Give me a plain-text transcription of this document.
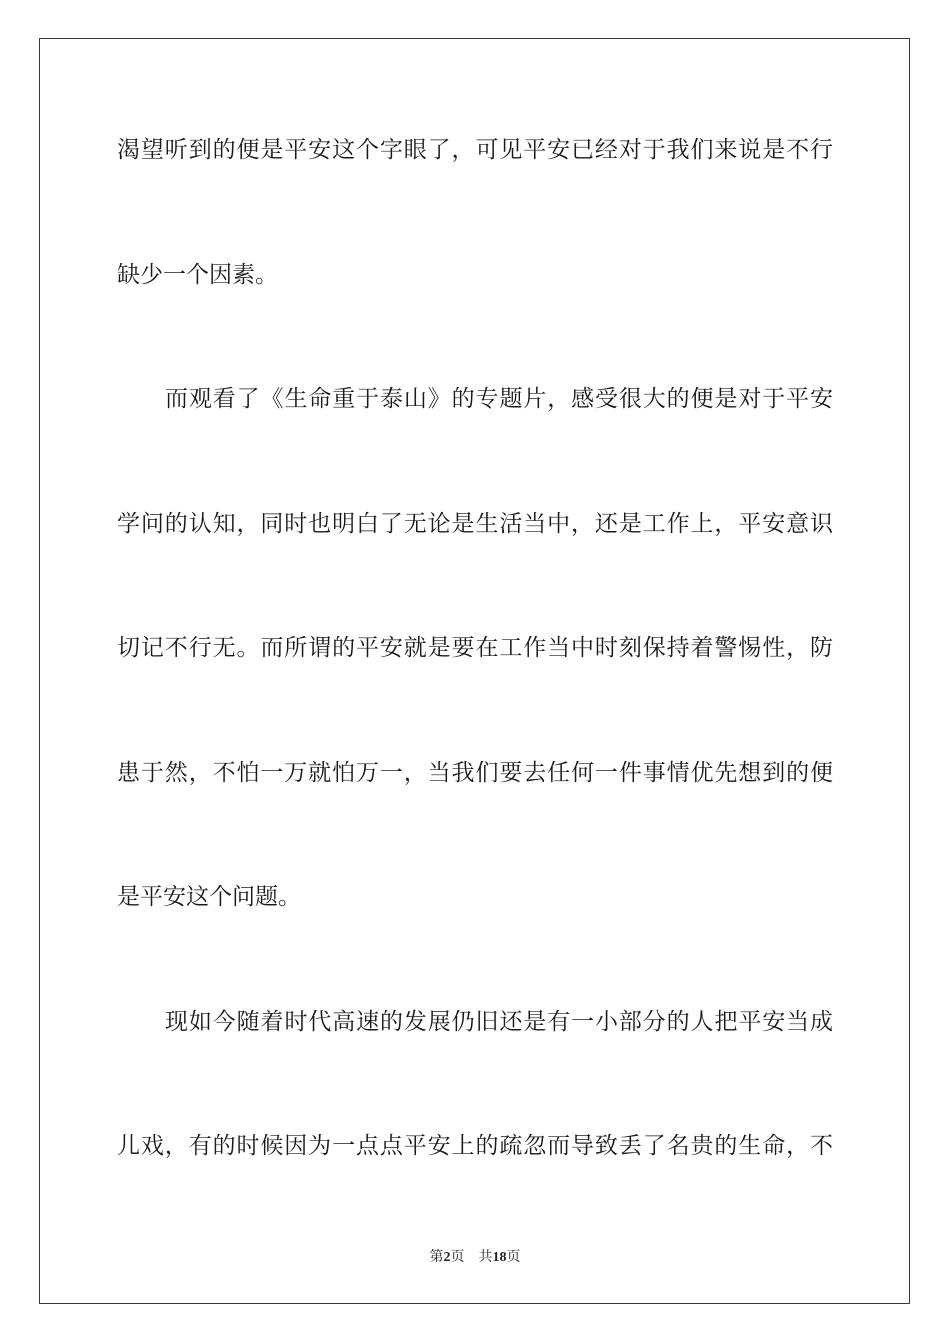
渴望听到的便是平安这个字眼了，可见平安已经对于我们来说是不行
缺少一个因素。
而观看了《生命重于泰山》的专题片，感受很大的便是对于平安
学问的认知，同时也明白了无论是生活当中，还是工作上，平安意识
切记不行无。而所谓的平安就是要在工作当中时刻保持着警惕性，防
患于然，不怕一万就怕万一，当我们要去任何一件事情优先想到的便
是平安这个问题。
现如今随着时代高速的发展仍旧还是有一小部分的人把平安当成
儿戏，有的时候因为一点点平安上的疏忽而导致丢了名贵的生命，不
第2页 共18页
